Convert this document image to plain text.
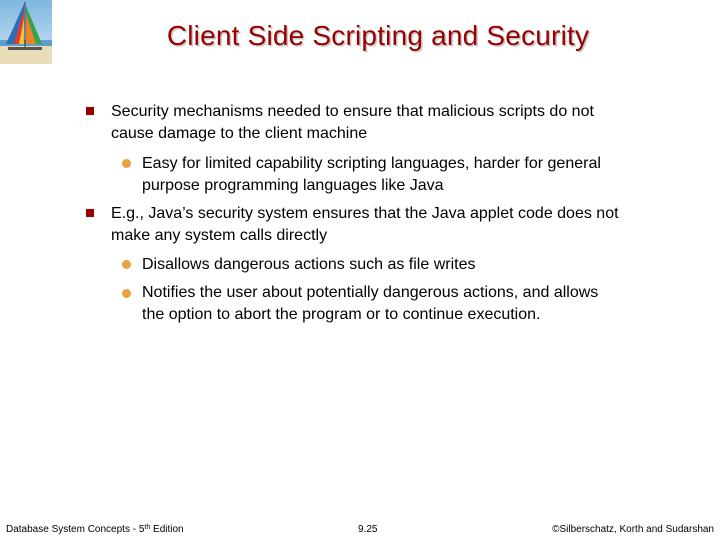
Client Side Scripting and Security
Security mechanisms needed to ensure that malicious scripts do not cause damage to the client machine
Easy for limited capability scripting languages, harder for general purpose programming languages like Java
E.g., Java’s security system ensures that the Java applet code does not make any system calls directly
Disallows dangerous actions such as file writes
Notifies the user about potentially dangerous actions, and allows the option to abort the program or to continue execution.
Database System Concepts - 5th Edition	9.25	©Silberschatz, Korth and Sudarshan
